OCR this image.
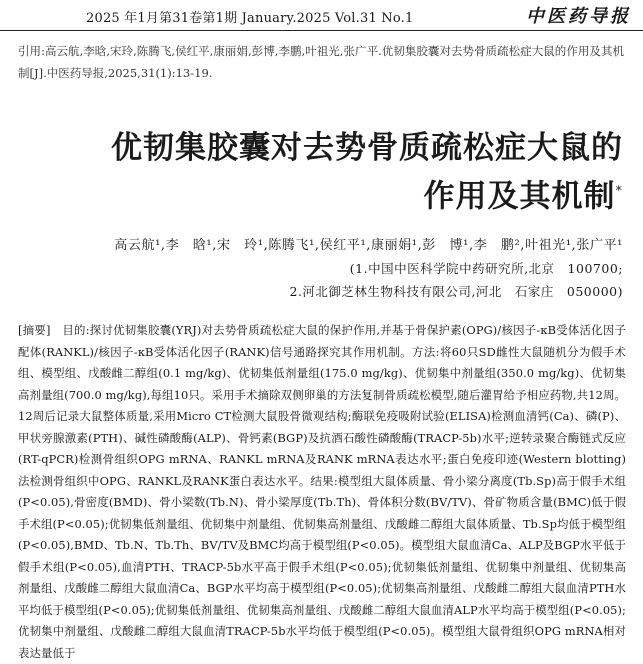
2025 年1月第31卷第1期 January.2025 Vol.31 No.1	中医药导报
引用:高云航,李晗,宋玲,陈腾飞,侯红平,康丽娟,彭博,李鹏,叶祖光,张广平.优韧集胶囊对去势骨质疏松症大鼠的作用及其机制[J].中医药导报,2025,31(1):13-19.
优韧集胶囊对去势骨质疏松症大鼠的
作用及其机制*
高云航¹,李　晗¹,宋　玲¹,陈腾飞¹,侯红平¹,康丽娟¹,彭　博¹,李　鹏²,叶祖光¹,张广平¹
(1.中国中医科学院中药研究所,北京　100700;
2.河北御芝林生物科技有限公司,河北　石家庄　050000)
[摘要]　目的:探讨优韧集胶囊(YRJ)对去势骨质疏松症大鼠的保护作用,并基于骨保护素(OPG)/核因子-κB受体活化因子配体(RANKL)/核因子-κB受体活化因子(RANK)信号通路探究其作用机制。方法:将60只SD雌性大鼠随机分为假手术组、模型组、戊酸雌二醇组(0.1 mg/kg)、优韧集低剂量组(175.0 mg/kg)、优韧集中剂量组(350.0 mg/kg)、优韧集高剂量组(700.0 mg/kg),每组10只。采用手术摘除双侧卵巢的方法复制骨质疏松模型,随后灌胃给予相应药物,共12周。12周后记录大鼠整体质量,采用Micro CT检测大鼠股骨微观结构;酶联免疫吸附试验(ELISA)检测血清钙(Ca)、磷(P)、甲状旁腺激素(PTH)、碱性磷酸酶(ALP)、骨钙素(BGP)及抗酒石酸性磷酸酶(TRACP-5b)水平;逆转录聚合酶链式反应(RT-qPCR)检测骨组织OPG mRNA、RANKL mRNA及RANK mRNA表达水平;蛋白免疫印迹(Western blotting)法检测骨组织中OPG、RANKL及RANK蛋白表达水平。结果:模型组大鼠体质量、骨小梁分离度(Tb.Sp)高于假手术组(P<0.05),骨密度(BMD)、骨小梁数(Tb.N)、骨小梁厚度(Tb.Th)、骨体积分数(BV/TV)、骨矿物质含量(BMC)低于假手术组(P<0.05);优韧集低剂量组、优韧集中剂量组、优韧集高剂量组、戊酸雌二醇组大鼠体质量、Tb.Sp均低于模型组(P<0.05),BMD、Tb.N、Tb.Th、BV/TV及BMC均高于模型组(P<0.05)。模型组大鼠血清Ca、ALP及BGP水平低于假手术组(P<0.05),血清PTH、TRACP-5b水平高于假手术组(P<0.05);优韧集低剂量组、优韧集中剂量组、优韧集高剂量组、戊酸雌二醇组大鼠血清Ca、BGP水平均高于模型组(P<0.05);优韧集高剂量组、戊酸雌二醇组大鼠血清PTH水平均低于模型组(P<0.05);优韧集低剂量组、优韧集高剂量组、戊酸雌二醇组大鼠血清ALP水平均高于模型组(P<0.05);优韧集中剂量组、戊酸雌二醇组大鼠血清TRACP-5b水平均低于模型组(P<0.05)。模型组大鼠骨组织OPG mRNA相对表达量低于
